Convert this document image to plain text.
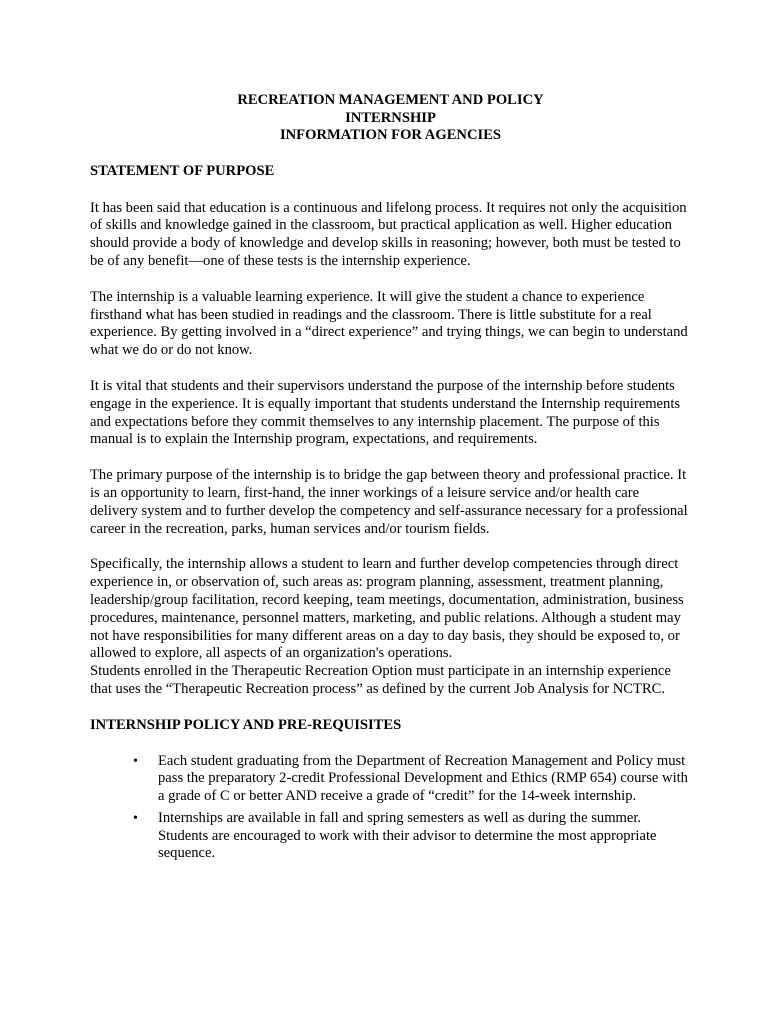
RECREATION MANAGEMENT AND POLICY
INTERNSHIP
INFORMATION FOR AGENCIES
STATEMENT OF PURPOSE

It has been said that education is a continuous and lifelong process. It requires not only the acquisition of skills and knowledge gained in the classroom, but practical application as well. Higher education should provide a body of knowledge and develop skills in reasoning; however, both must be tested to be of any benefit—one of these tests is the internship experience.

The internship is a valuable learning experience. It will give the student a chance to experience firsthand what has been studied in readings and the classroom. There is little substitute for a real experience. By getting involved in a “direct experience” and trying things, we can begin to understand what we do or do not know.

It is vital that students and their supervisors understand the purpose of the internship before students engage in the experience. It is equally important that students understand the Internship requirements and expectations before they commit themselves to any internship placement. The purpose of this manual is to explain the Internship program, expectations, and requirements.

The primary purpose of the internship is to bridge the gap between theory and professional practice. It is an opportunity to learn, first-hand, the inner workings of a leisure service and/or health care delivery system and to further develop the competency and self-assurance necessary for a professional career in the recreation, parks, human services and/or tourism fields.

Specifically, the internship allows a student to learn and further develop competencies through direct experience in, or observation of, such areas as: program planning, assessment, treatment planning, leadership/group facilitation, record keeping, team meetings, documentation, administration, business procedures, maintenance, personnel matters, marketing, and public relations. Although a student may not have responsibilities for many different areas on a day to day basis, they should be exposed to, or allowed to explore, all aspects of an organization's operations.

Students enrolled in the Therapeutic Recreation Option must participate in an internship experience that uses the “Therapeutic Recreation process” as defined by the current Job Analysis for NCTRC.

INTERNSHIP POLICY AND PRE-REQUISITES
• Each student graduating from the Department of Recreation Management and Policy must pass the preparatory 2-credit Professional Development and Ethics (RMP 654) course with a grade of C or better AND receive a grade of “credit” for the 14-week internship.
• Internships are available in fall and spring semesters as well as during the summer. Students are encouraged to work with their advisor to determine the most appropriate sequence.
